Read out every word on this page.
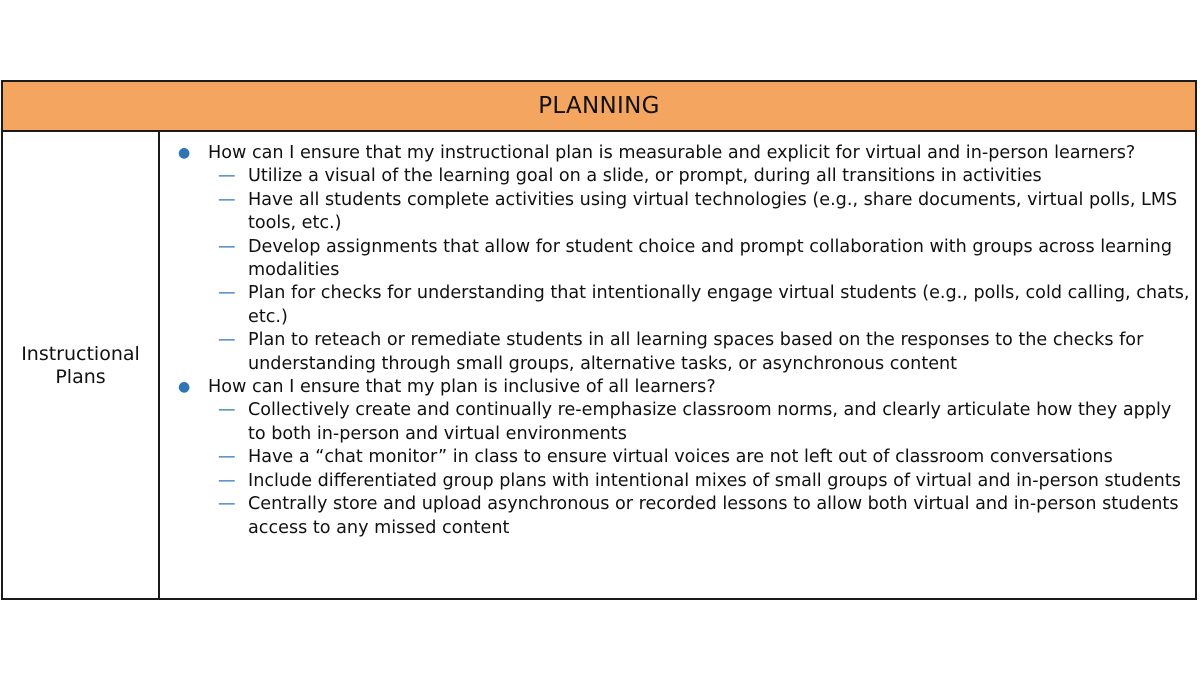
PLANNING
Instructional
Plans
● How can I ensure that my instructional plan is measurable and explicit for virtual and in-person learners?
— Utilize a visual of the learning goal on a slide, or prompt, during all transitions in activities
— Have all students complete activities using virtual technologies (e.g., share documents, virtual polls, LMS tools, etc.)
— Develop assignments that allow for student choice and prompt collaboration with groups across learning modalities
— Plan for checks for understanding that intentionally engage virtual students (e.g., polls, cold calling, chats, etc.)
— Plan to reteach or remediate students in all learning spaces based on the responses to the checks for understanding through small groups, alternative tasks, or asynchronous content
● How can I ensure that my plan is inclusive of all learners?
— Collectively create and continually re-emphasize classroom norms, and clearly articulate how they apply to both in-person and virtual environments
— Have a “chat monitor” in class to ensure virtual voices are not left out of classroom conversations
— Include differentiated group plans with intentional mixes of small groups of virtual and in-person students
— Centrally store and upload asynchronous or recorded lessons to allow both virtual and in-person students access to any missed content
